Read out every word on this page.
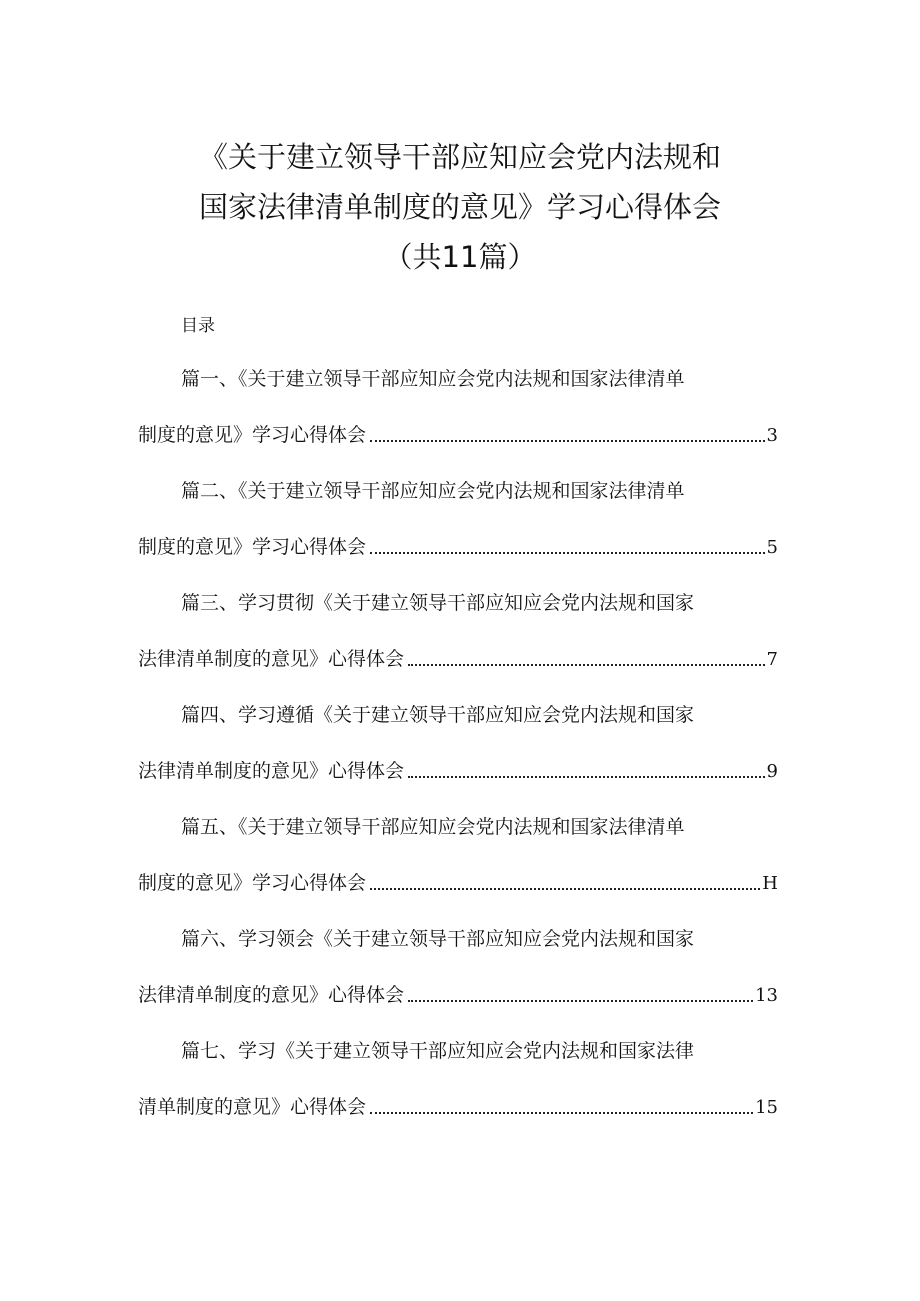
《关于建立领导干部应知应会党内法规和
国家法律清单制度的意见》学习心得体会
（共11篇）
目录
篇一、《关于建立领导干部应知应会党内法规和国家法律清单
制度的意见》学习心得体会	3
篇二、《关于建立领导干部应知应会党内法规和国家法律清单
制度的意见》学习心得体会	5
篇三、学习贯彻《关于建立领导干部应知应会党内法规和国家
法律清单制度的意见》心得体会	7
篇四、学习遵循《关于建立领导干部应知应会党内法规和国家
法律清单制度的意见》心得体会	9
篇五、《关于建立领导干部应知应会党内法规和国家法律清单
制度的意见》学习心得体会	H
篇六、学习领会《关于建立领导干部应知应会党内法规和国家
法律清单制度的意见》心得体会	13
篇七、学习《关于建立领导干部应知应会党内法规和国家法律
清单制度的意见》心得体会	15
